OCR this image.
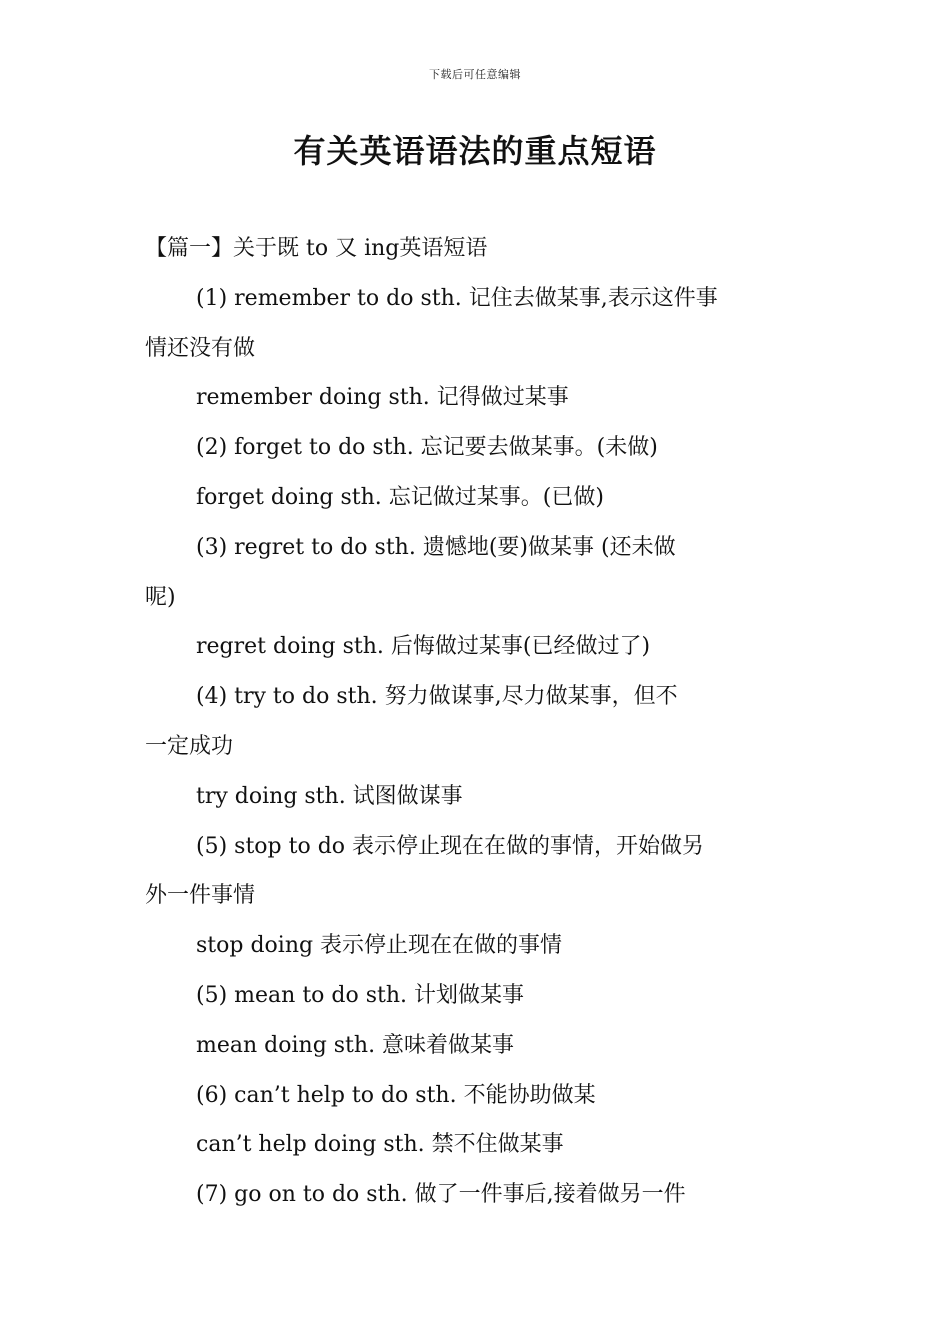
下载后可任意编辑
有关英语语法的重点短语
【篇一】关于既 to 又 ing英语短语
(1) remember to do sth. 记住去做某事,表示这件事
情还没有做
remember doing sth. 记得做过某事
(2) forget to do sth. 忘记要去做某事。(未做)
forget doing sth. 忘记做过某事。(已做)
(3) regret to do sth. 遗憾地(要)做某事 (还未做
呢)
regret doing sth. 后悔做过某事(已经做过了)
(4) try to do sth. 努力做谋事,尽力做某事，但不
一定成功
try doing sth. 试图做谋事
(5) stop to do 表示停止现在在做的事情，开始做另
外一件事情
stop doing 表示停止现在在做的事情
(5) mean to do sth. 计划做某事
mean doing sth. 意味着做某事
(6) can’t help to do sth. 不能协助做某
can’t help doing sth. 禁不住做某事
(7) go on to do sth. 做了一件事后,接着做另一件
